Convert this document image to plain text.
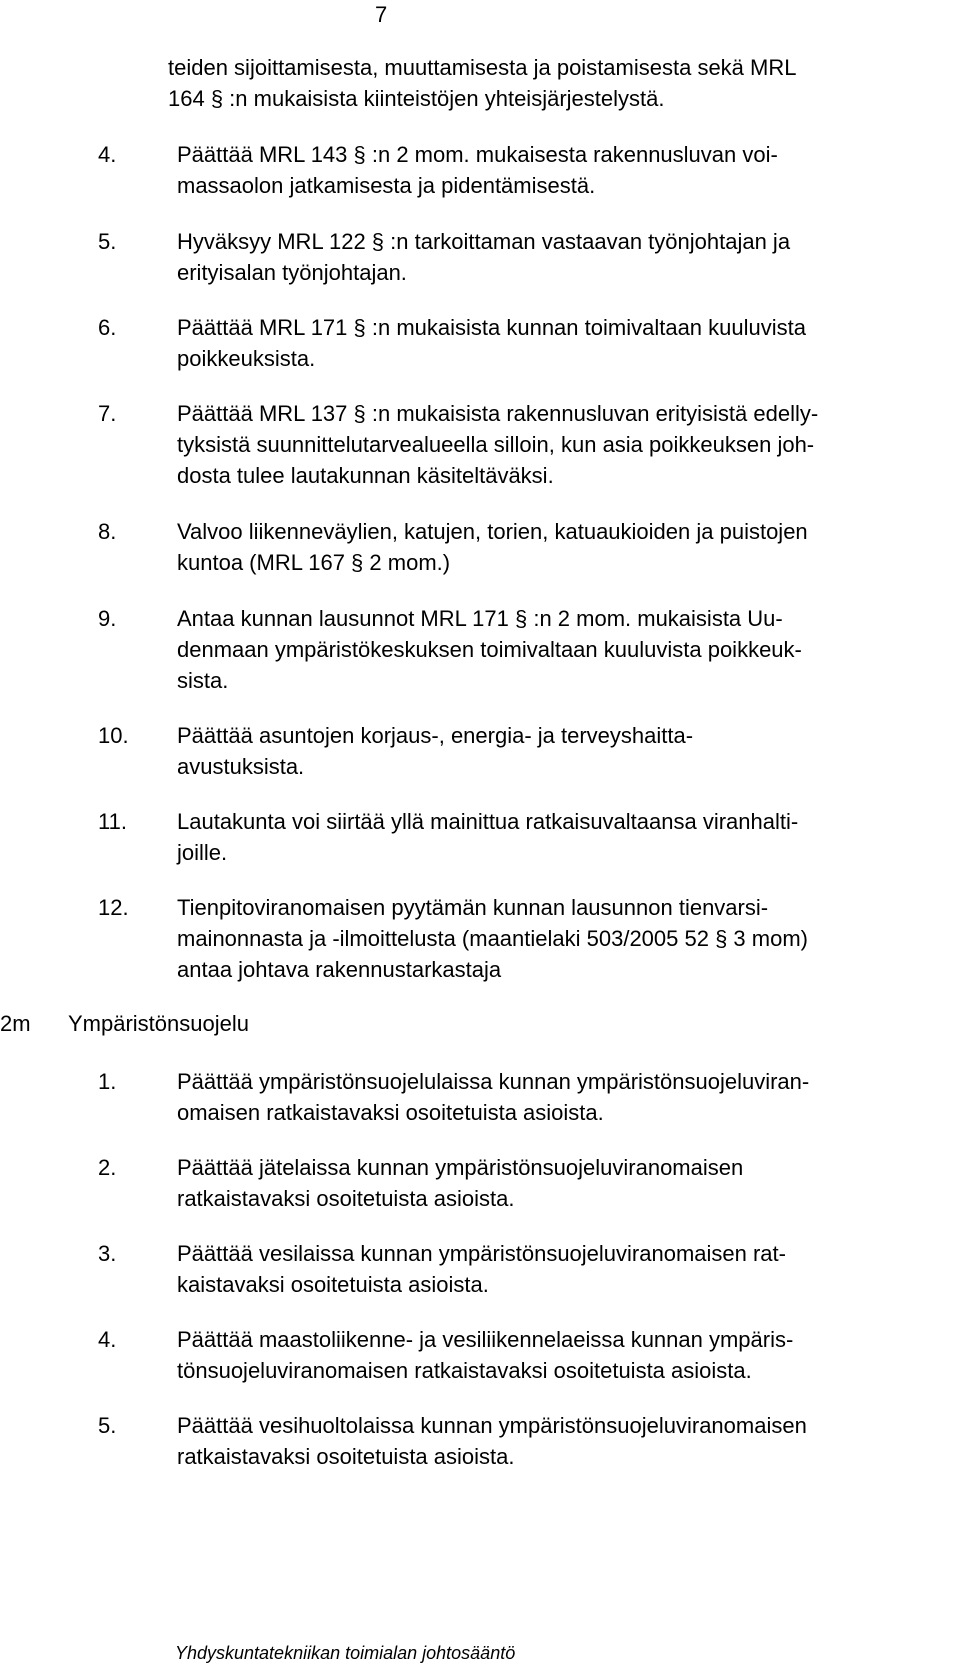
7
teiden sijoittamisesta, muuttamisesta ja poistamisesta sekä MRL
164 § :n mukaisista kiinteistöjen yhteisjärjestelystä.
4.	Päättää MRL 143 § :n 2 mom. mukaisesta rakennusluvan voi-
massaolon jatkamisesta ja pidentämisestä.
5.	Hyväksyy MRL 122 § :n tarkoittaman vastaavan työnjohtajan ja
erityisalan työnjohtajan.
6.	Päättää MRL 171 § :n mukaisista kunnan toimivaltaan kuuluvista
poikkeuksista.
7.	Päättää MRL 137 § :n mukaisista rakennusluvan erityisistä edelly-
tyksistä suunnittelutarvealueella silloin, kun asia poikkeuksen joh-
dosta tulee lautakunnan käsiteltäväksi.
8.	Valvoo liikenneväylien, katujen, torien, katuaukioiden ja puistojen
kuntoa (MRL 167 § 2 mom.)
9.	Antaa kunnan lausunnot MRL 171 § :n 2 mom. mukaisista Uu-
denmaan ympäristökeskuksen toimivaltaan kuuluvista poikkeuk-
sista.
10. Päättää asuntojen korjaus-, energia- ja terveyshaitta-
avustuksista.
11. Lautakunta voi siirtää yllä mainittua ratkaisuvaltaansa viranhalti-
joille.
12. Tienpitoviranomaisen pyytämän kunnan lausunnon tienvarsi-
mainonnasta ja -ilmoittelusta (maantielaki 503/2005 52 § 3 mom)
antaa johtava rakennustarkastaja
2m Ympäristönsuojelu
1.	Päättää ympäristönsuojelulaissa kunnan ympäristönsuojeluviran-
omaisen ratkaistavaksi osoitetuista asioista.
2.	Päättää jätelaissa kunnan ympäristönsuojeluviranomaisen
ratkaistavaksi osoitetuista asioista.
3.	Päättää vesilaissa kunnan ympäristönsuojeluviranomaisen rat-
kaistavaksi osoitetuista asioista.
4.	Päättää maastoliikenne- ja vesiliikennelaeissa kunnan ympäris-
tönsuojeluviranomaisen ratkaistavaksi osoitetuista asioista.
5.	Päättää vesihuoltolaissa kunnan ympäristönsuojeluviranomaisen
ratkaistavaksi osoitetuista asioista.
Yhdyskuntatekniikan toimialan johtosääntö
